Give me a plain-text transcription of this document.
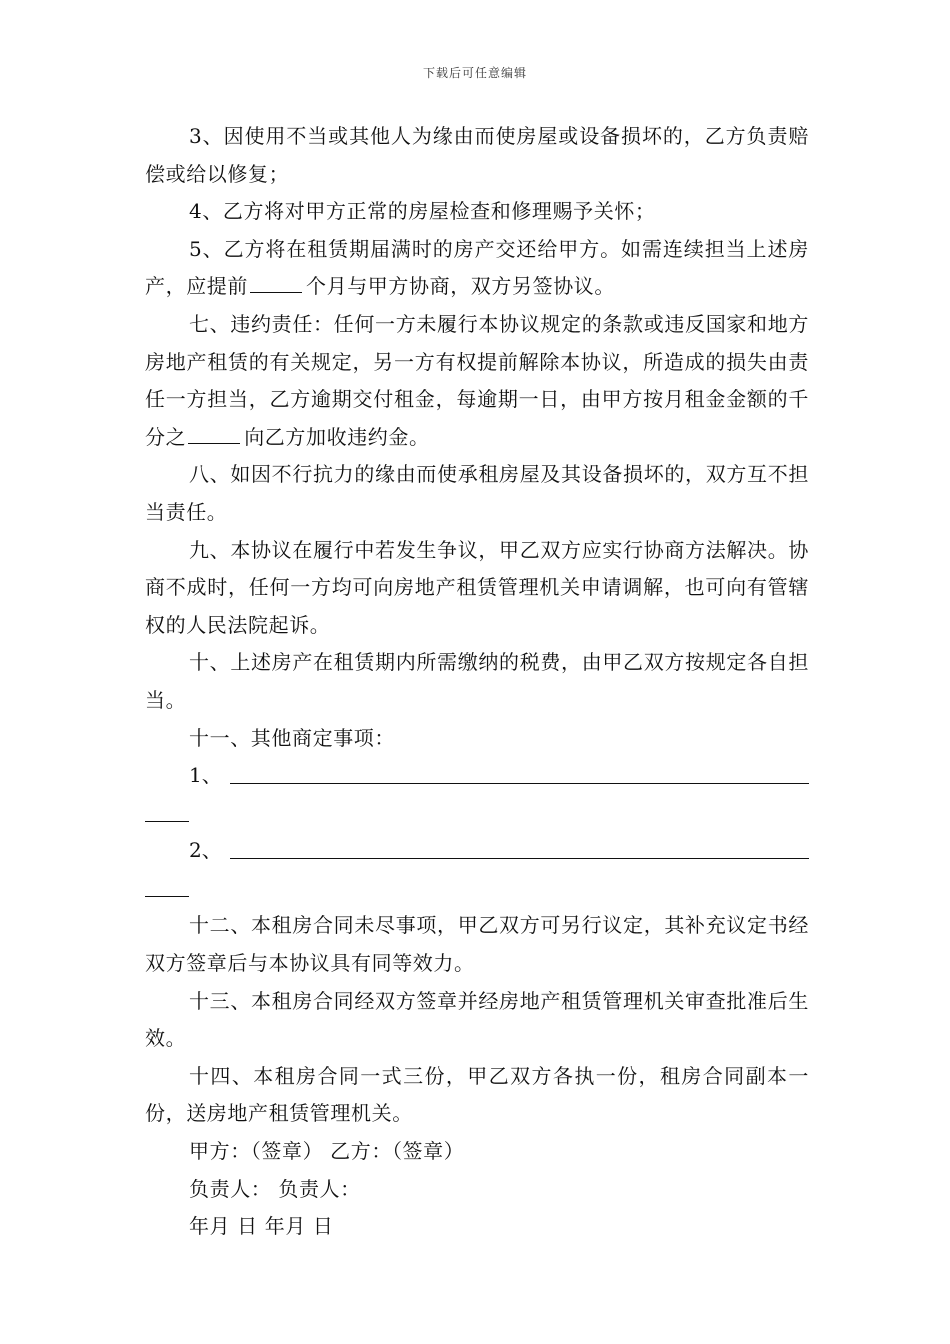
下载后可任意编辑

3、因使用不当或其他人为缘由而使房屋或设备损坏的，乙方负责赔偿或给以修复；

4、乙方将对甲方正常的房屋检查和修理赐予关怀；

5、乙方将在租赁期届满时的房产交还给甲方。如需连续担当上述房产，应提前	个月与甲方协商，双方另签协议。

七、违约责任：任何一方未履行本协议规定的条款或违反国家和地方房地产租赁的有关规定，另一方有权提前解除本协议，所造成的损失由责任一方担当，乙方逾期交付租金，每逾期一日，由甲方按月租金金额的千分之	向乙方加收违约金。

八、如因不行抗力的缘由而使承租房屋及其设备损坏的，双方互不担当责任。

九、本协议在履行中若发生争议，甲乙双方应实行协商方法解决。协商不成时，任何一方均可向房地产租赁管理机关申请调解，也可向有管辖权的人民法院起诉。

十、上述房产在租赁期内所需缴纳的税费，由甲乙双方按规定各自担当。

十一、其他商定事项：

1、
2、

十二、本租房合同未尽事项，甲乙双方可另行议定，其补充议定书经双方签章后与本协议具有同等效力。

十三、本租房合同经双方签章并经房地产租赁管理机关审查批准后生效。

十四、本租房合同一式三份，甲乙双方各执一份，租房合同副本一份，送房地产租赁管理机关。

甲方：（签章） 乙方：（签章）

负责人： 负责人：

年月 日 年月 日
